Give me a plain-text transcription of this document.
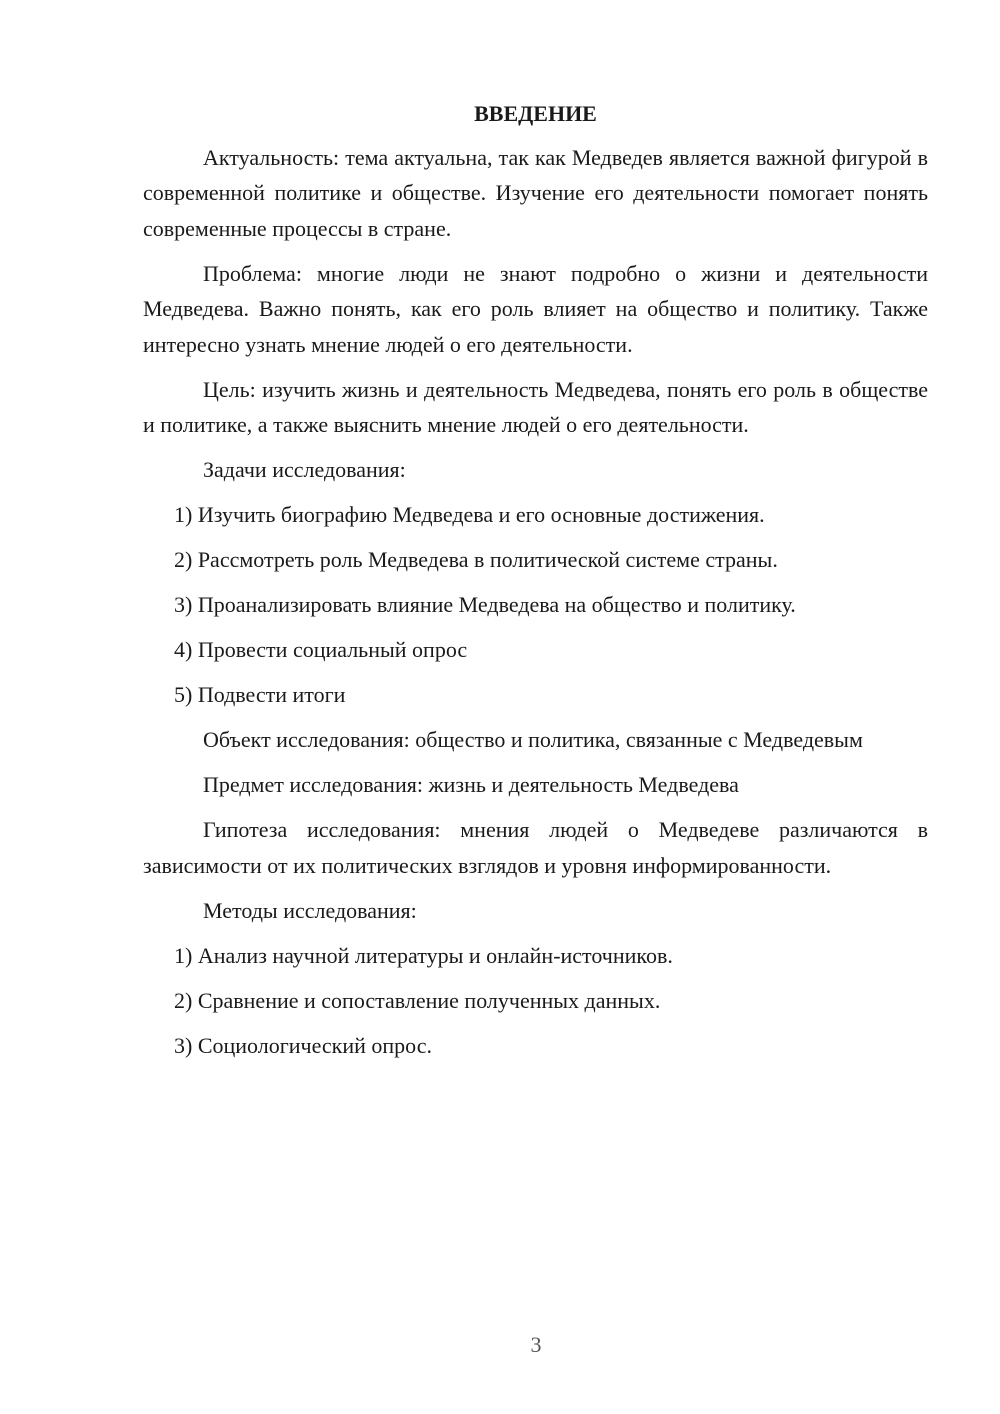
ВВЕДЕНИЕ

Актуальность: тема актуальна, так как Медведев является важной фигурой в современной политике и обществе. Изучение его деятельности помогает понять современные процессы в стране.

Проблема: многие люди не знают подробно о жизни и деятельности Медведева. Важно понять, как его роль влияет на общество и политику. Также интересно узнать мнение людей о его деятельности.

Цель: изучить жизнь и деятельность Медведева, понять его роль в обществе и политике, а также выяснить мнение людей о его деятельности.

Задачи исследования:

1) Изучить биографию Медведева и его основные достижения.

2) Рассмотреть роль Медведева в политической системе страны.

3) Проанализировать влияние Медведева на общество и политику.

4) Провести социальный опрос

5) Подвести итоги

Объект исследования: общество и политика, связанные с Медведевым

Предмет исследования: жизнь и деятельность Медведева

Гипотеза исследования: мнения людей о Медведеве различаются в зависимости от их политических взглядов и уровня информированности.

Методы исследования:

1) Анализ научной литературы и онлайн-источников.

2) Сравнение и сопоставление полученных данных.

3) Социологический опрос.

3
